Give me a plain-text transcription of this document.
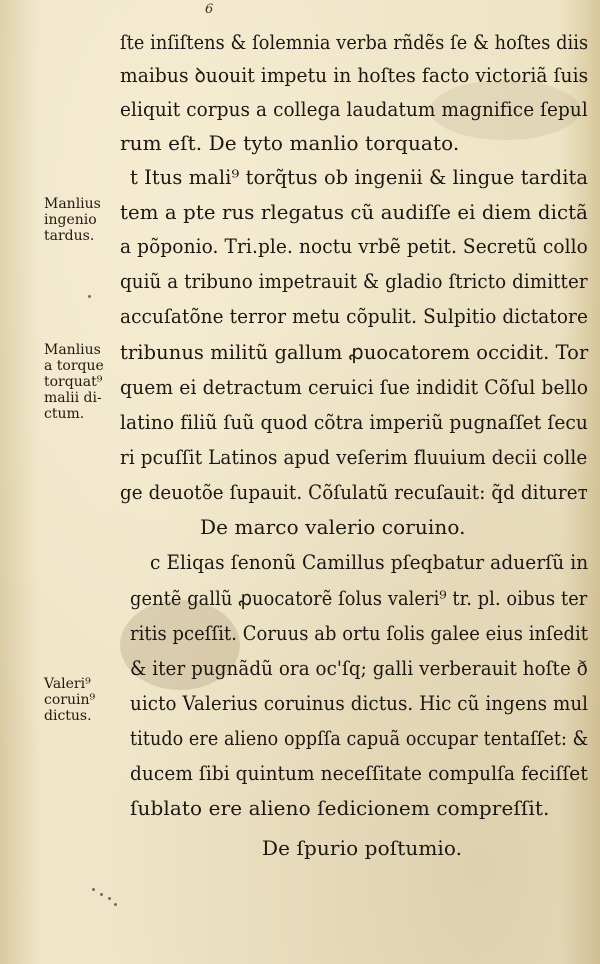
6
ſte inſiſtens & ſolemnia verba rñdẽs ſe & hoſtes diis
maibus ꝺuouit impetu in hoſtes facto victoriã ſuis
eliquit corpus a collega laudatum magnifice ſepul
rum eſt. De tyto manlio torquato.
t Itus mali⁹ torq̃tus ob ingenii & lingue tardita
tem a pte rus rlegatus cũ audiſſe ei diem dictã
a põponio. Tri.ple. noctu vrbẽ petit. Secretũ collo
quiũ a tribuno impetrauit & gladio ſtricto dimitter
accuſatõne terror metu cõpulit. Sulpitio dictatore
tribunus militũ gallum ꝓuocatorem occidit. Tor
quem ei detractum ceruici ſue indidit Cõſul bello
latino filiũ ſuũ quod cõtra imperiũ pugnaſſet ſecu
ri pcuſſit Latinos apud veſerim fluuium decii colle
ge deuotõe ſupauit. Cõſulatũ recuſauit: q̃d diturет
De marco valerio coruino.
c Eliqas ſenonũ Camillus pſeqbatur aduerſũ in
gentẽ gallũ ꝓuocatorẽ ſolus valeri⁹ tr. pl. oibus ter
ritis pceſſit. Coruus ab ortu ſolis galee eius inſedit
& iter pugnãdũ ora oc'ſq; galli verberauit hoſte ð
uicto Valerius coruinus dictus. Hic cũ ingens mul
titudo ere alieno oppſſa capuã occupar tentaſſet: &
ducem ſibi quintum neceſſitate compulſa feciſſet
ſublato ere alieno ſedicionem compreſſit.
De ſpurio poſtumio.
Manlius
ingenio
tardus.
Manlius
a torque
torquat⁹
malii di-
ctum.
Valeri⁹
coruin⁹
dictus.
